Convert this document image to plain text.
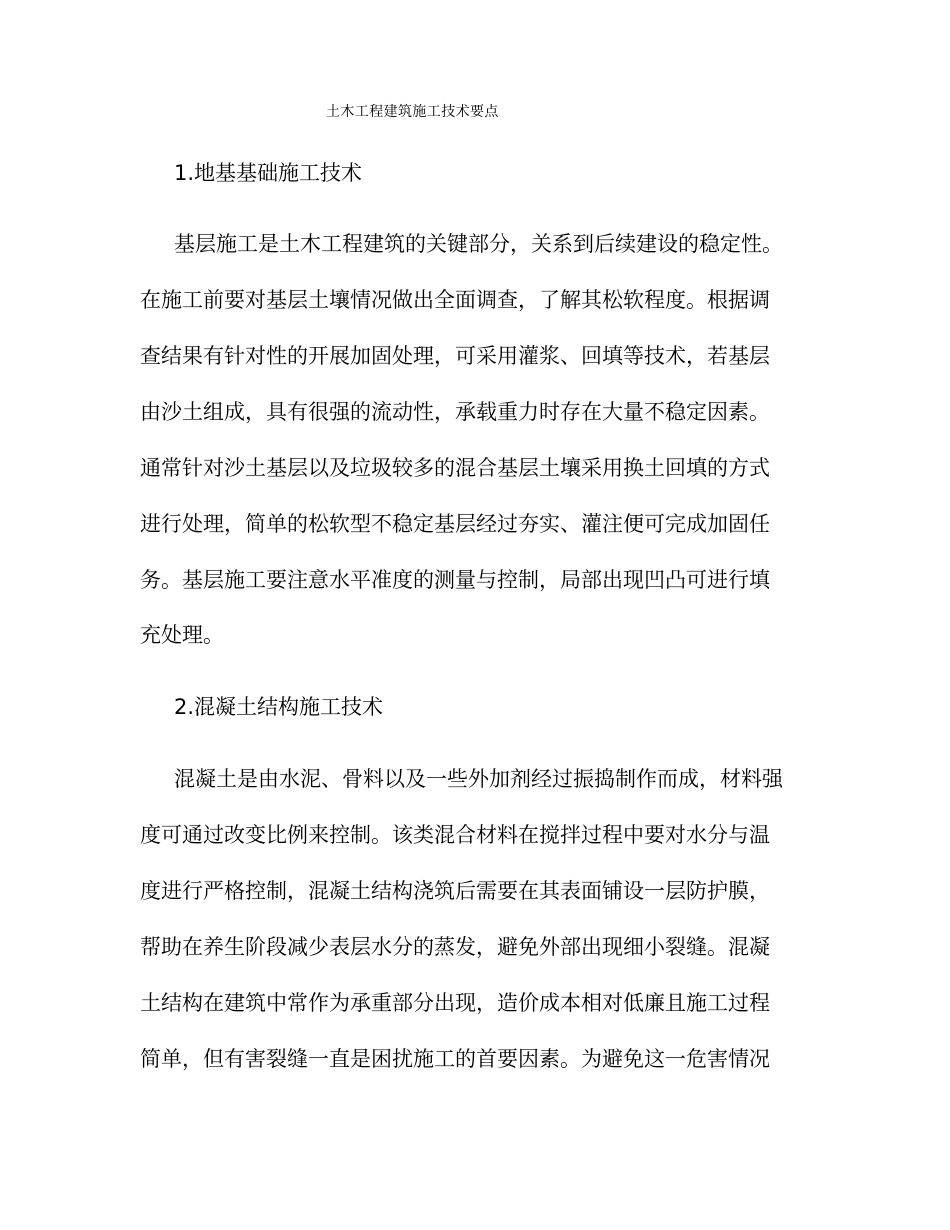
土木工程建筑施工技术要点
1.地基基础施工技术
基层施工是土木工程建筑的关键部分，关系到后续建设的稳定性。
在施工前要对基层土壤情况做出全面调查，了解其松软程度。根据调
查结果有针对性的开展加固处理，可采用灌浆、回填等技术，若基层
由沙土组成，具有很强的流动性，承载重力时存在大量不稳定因素。
通常针对沙土基层以及垃圾较多的混合基层土壤采用换土回填的方式
进行处理，简单的松软型不稳定基层经过夯实、灌注便可完成加固任
务。基层施工要注意水平准度的测量与控制，局部出现凹凸可进行填
充处理。
2.混凝土结构施工技术
混凝土是由水泥、骨料以及一些外加剂经过振捣制作而成，材料强
度可通过改变比例来控制。该类混合材料在搅拌过程中要对水分与温
度进行严格控制，混凝土结构浇筑后需要在其表面铺设一层防护膜，
帮助在养生阶段减少表层水分的蒸发，避免外部出现细小裂缝。混凝
土结构在建筑中常作为承重部分出现，造价成本相对低廉且施工过程
简单，但有害裂缝一直是困扰施工的首要因素。为避免这一危害情况
